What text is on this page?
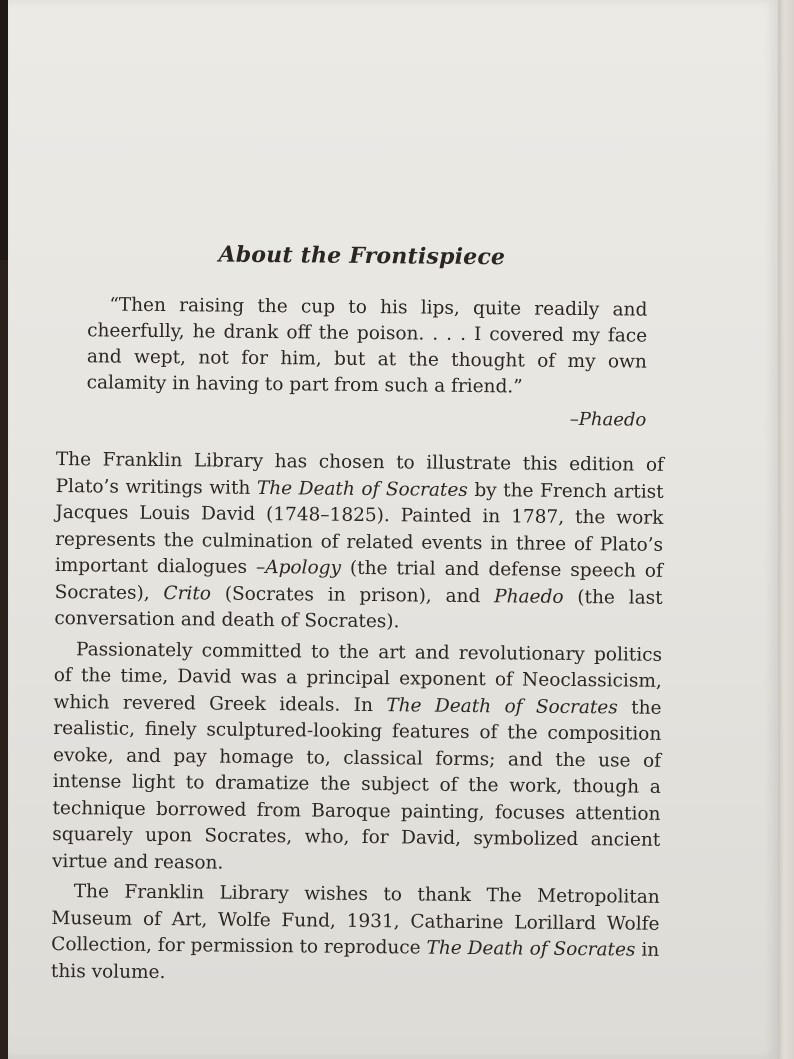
About the Frontispiece

“Then raising the cup to his lips, quite readily and cheerfully, he drank off the poison. . . . I covered my face and wept, not for him, but at the thought of my own calamity in having to part from such a friend.”

–Phaedo

The Franklin Library has chosen to illustrate this edition of Plato’s writings with The Death of Socrates by the French artist Jacques Louis David (1748–1825). Painted in 1787, the work represents the culmination of related events in three of Plato’s important dialogues –Apology (the trial and defense speech of Socrates), Crito (Socrates in prison), and Phaedo (the last conversation and death of Socrates).

Passionately committed to the art and revolutionary politics of the time, David was a principal exponent of Neoclassicism, which revered Greek ideals. In The Death of Socrates the realistic, finely sculptured-looking features of the composition evoke, and pay homage to, classical forms; and the use of intense light to dramatize the subject of the work, though a technique borrowed from Baroque painting, focuses attention squarely upon Socrates, who, for David, symbolized ancient virtue and reason.

The Franklin Library wishes to thank The Metropolitan Museum of Art, Wolfe Fund, 1931, Catharine Lorillard Wolfe Collection, for permission to reproduce The Death of Socrates in this volume.
